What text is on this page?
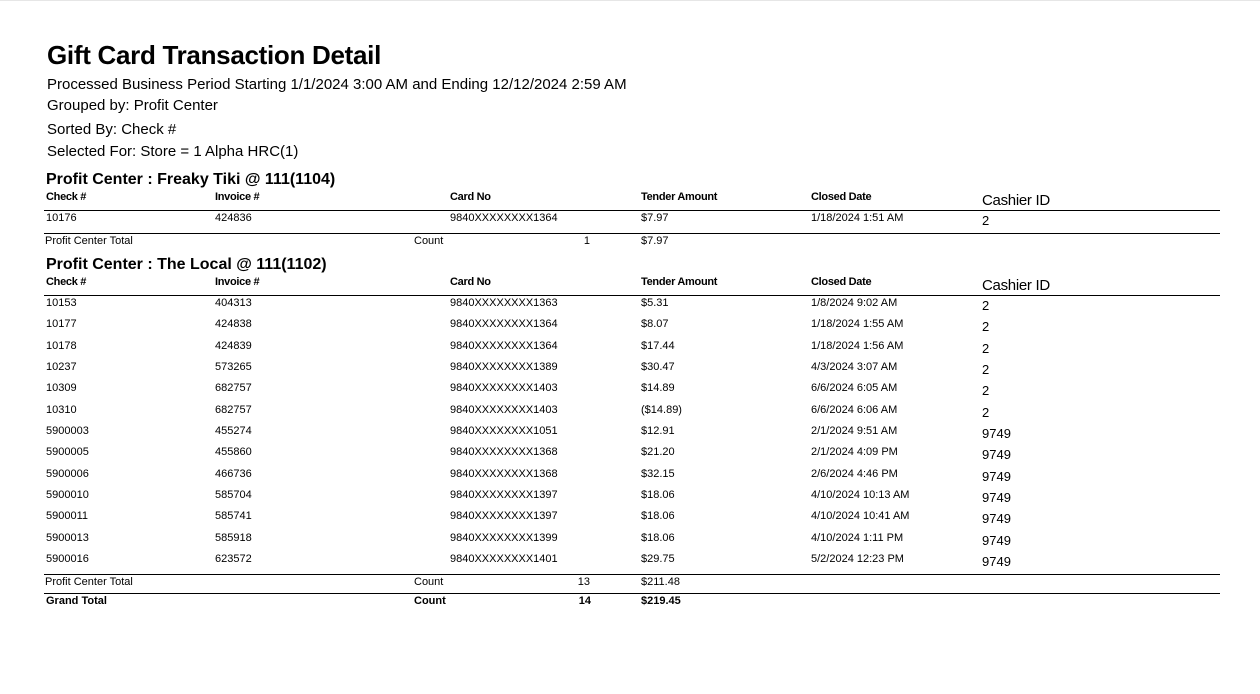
Gift Card Transaction Detail
Processed Business Period Starting 1/1/2024 3:00 AM and Ending 12/12/2024 2:59 AM
Grouped by: Profit Center
Sorted By: Check #
Selected For: Store = 1 Alpha HRC(1)
Profit Center : Freaky Tiki @ 111(1104)
Check #	Invoice #	Card No	Tender Amount	Closed Date	Cashier ID
10176	424836	9840XXXXXXXX1364	$7.97	1/18/2024 1:51 AM	2
Profit Center Total	Count	1	$7.97
Profit Center : The Local @ 111(1102)
Check #	Invoice #	Card No	Tender Amount	Closed Date	Cashier ID
10153	404313	9840XXXXXXXX1363	$5.31	1/8/2024 9:02 AM	2
10177	424838	9840XXXXXXXX1364	$8.07	1/18/2024 1:55 AM	2
10178	424839	9840XXXXXXXX1364	$17.44	1/18/2024 1:56 AM	2
10237	573265	9840XXXXXXXX1389	$30.47	4/3/2024 3:07 AM	2
10309	682757	9840XXXXXXXX1403	$14.89	6/6/2024 6:05 AM	2
10310	682757	9840XXXXXXXX1403	($14.89)	6/6/2024 6:06 AM	2
5900003	455274	9840XXXXXXXX1051	$12.91	2/1/2024 9:51 AM	9749
5900005	455860	9840XXXXXXXX1368	$21.20	2/1/2024 4:09 PM	9749
5900006	466736	9840XXXXXXXX1368	$32.15	2/6/2024 4:46 PM	9749
5900010	585704	9840XXXXXXXX1397	$18.06	4/10/2024 10:13 AM	9749
5900011	585741	9840XXXXXXXX1397	$18.06	4/10/2024 10:41 AM	9749
5900013	585918	9840XXXXXXXX1399	$18.06	4/10/2024 1:11 PM	9749
5900016	623572	9840XXXXXXXX1401	$29.75	5/2/2024 12:23 PM	9749
Profit Center Total	Count	13	$211.48
Grand Total	Count	14	$219.45
